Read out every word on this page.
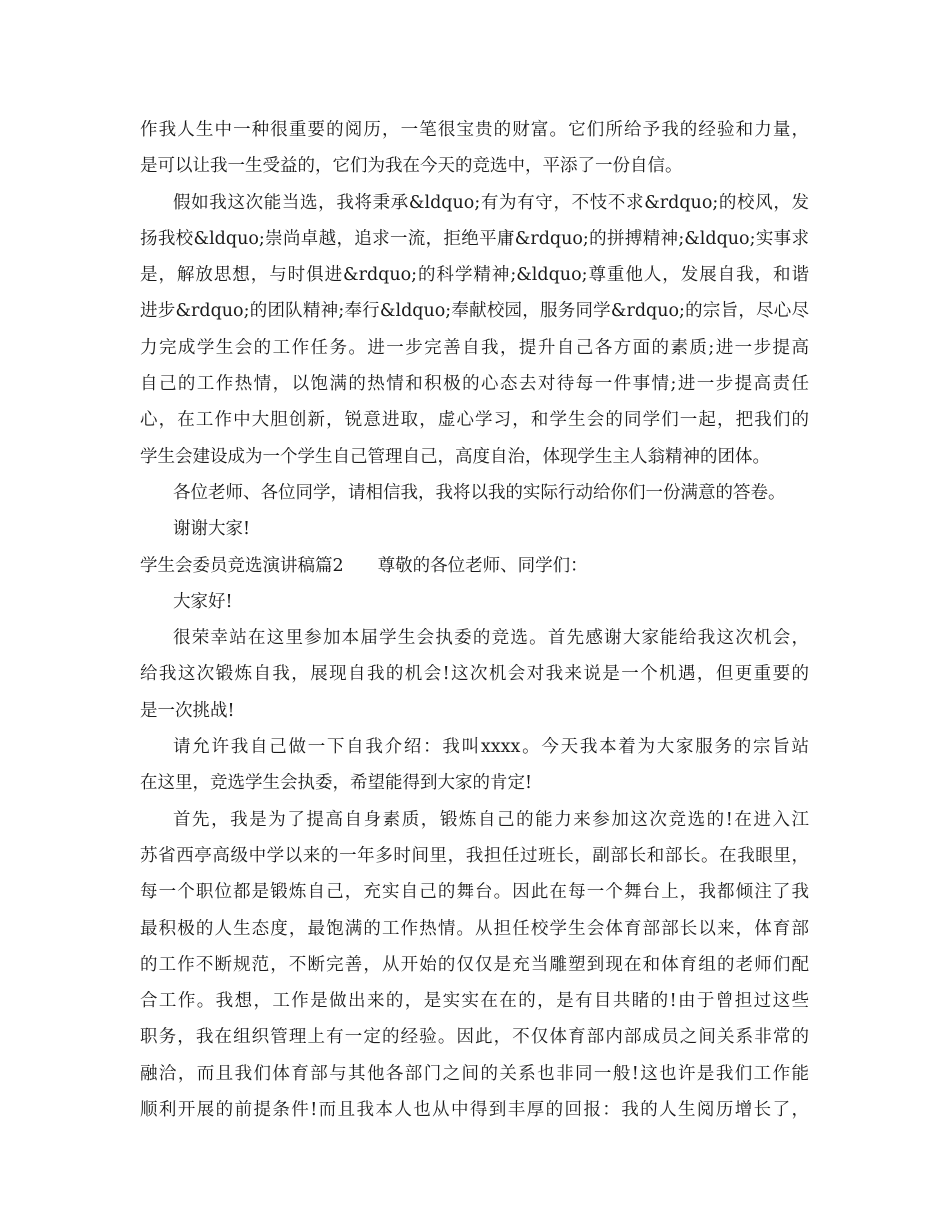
作我人生中一种很重要的阅历，一笔很宝贵的财富。它们所给予我的经验和力量，
是可以让我一生受益的，它们为我在今天的竞选中，平添了一份自信。
假如我这次能当选，我将秉承&ldquo;有为有守，不忮不求&rdquo;的校风，发
扬我校&ldquo;崇尚卓越，追求一流，拒绝平庸&rdquo;的拼搏精神;&ldquo;实事求
是，解放思想，与时俱进&rdquo;的科学精神;&ldquo;尊重他人，发展自我，和谐
进步&rdquo;的团队精神;奉行&ldquo;奉献校园，服务同学&rdquo;的宗旨，尽心尽
力完成学生会的工作任务。进一步完善自我，提升自己各方面的素质;进一步提高
自己的工作热情，以饱满的热情和积极的心态去对待每一件事情;进一步提高责任
心，在工作中大胆创新，锐意进取，虚心学习，和学生会的同学们一起，把我们的
学生会建设成为一个学生自己管理自己，高度自治，体现学生主人翁精神的团体。
各位老师、各位同学，请相信我，我将以我的实际行动给你们一份满意的答卷。
谢谢大家!
学生会委员竞选演讲稿篇2 尊敬的各位老师、同学们：
大家好!
很荣幸站在这里参加本届学生会执委的竞选。首先感谢大家能给我这次机会，
给我这次锻炼自我，展现自我的机会!这次机会对我来说是一个机遇，但更重要的
是一次挑战!
请允许我自己做一下自我介绍：我叫xxxx。今天我本着为大家服务的宗旨站
在这里，竞选学生会执委，希望能得到大家的肯定!
首先，我是为了提高自身素质，锻炼自己的能力来参加这次竞选的!在进入江
苏省西亭高级中学以来的一年多时间里，我担任过班长，副部长和部长。在我眼里，
每一个职位都是锻炼自己，充实自己的舞台。因此在每一个舞台上，我都倾注了我
最积极的人生态度，最饱满的工作热情。从担任校学生会体育部部长以来，体育部
的工作不断规范，不断完善，从开始的仅仅是充当雕塑到现在和体育组的老师们配
合工作。我想，工作是做出来的，是实实在在的，是有目共睹的!由于曾担过这些
职务，我在组织管理上有一定的经验。因此，不仅体育部内部成员之间关系非常的
融洽，而且我们体育部与其他各部门之间的关系也非同一般!这也许是我们工作能
顺利开展的前提条件!而且我本人也从中得到丰厚的回报：我的人生阅历增长了，
